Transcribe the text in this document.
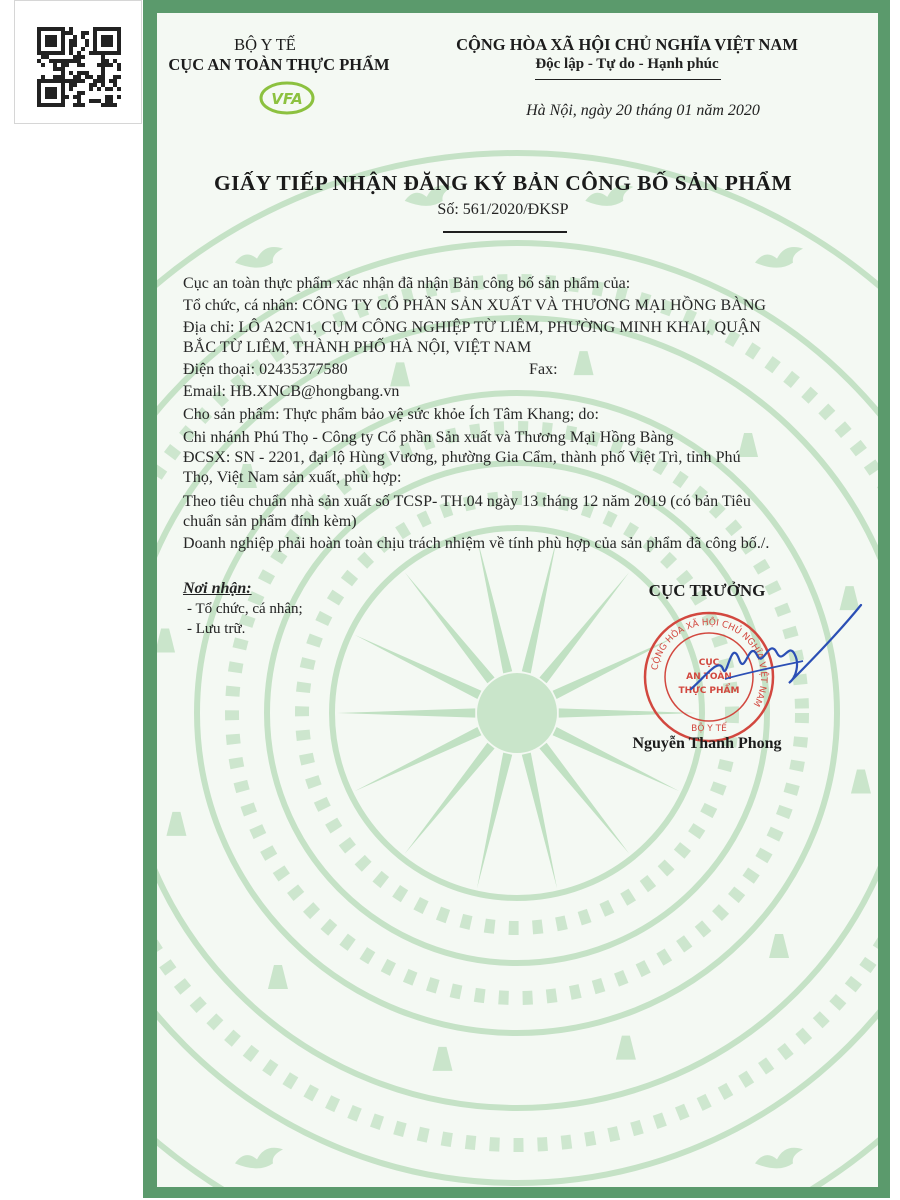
BỘ Y TẾ
CỤC AN TOÀN THỰC PHẨM
VFA
CỘNG HÒA XÃ HỘI CHỦ NGHĨA VIỆT NAM
Độc lập - Tự do - Hạnh phúc
Hà Nội, ngày 20 tháng 01 năm 2020
GIẤY TIẾP NHẬN ĐĂNG KÝ BẢN CÔNG BỐ SẢN PHẨM
Số: 561/2020/ĐKSP
Cục an toàn thực phẩm xác nhận đã nhận Bản công bố sản phẩm của:
Tổ chức, cá nhân: CÔNG TY CỔ PHẦN SẢN XUẤT VÀ THƯƠNG MẠI HỒNG BÀNG
Địa chỉ: LÔ A2CN1, CỤM CÔNG NGHIỆP TỪ LIÊM, PHƯỜNG MINH KHAI, QUẬN
BẮC TỪ LIÊM, THÀNH PHỐ HÀ NỘI, VIỆT NAM
Điện thoại: 02435377580	Fax:
Email: HB.XNCB@hongbang.vn
Cho sản phẩm: Thực phẩm bảo vệ sức khỏe Ích Tâm Khang; do:
Chi nhánh Phú Thọ - Công ty Cổ phần Sản xuất và Thương Mại Hồng Bàng
ĐCSX: SN - 2201, đại lộ Hùng Vương, phường Gia Cẩm, thành phố Việt Trì, tỉnh Phú
Thọ, Việt Nam sản xuất, phù hợp:
Theo tiêu chuẩn nhà sản xuất số TCSP- TH.04 ngày 13 tháng 12 năm 2019 (có bản Tiêu
chuẩn sản phẩm đính kèm)
Doanh nghiệp phải hoàn toàn chịu trách nhiệm về tính phù hợp của sản phẩm đã công bố./.
Nơi nhận:
- Tổ chức, cá nhân;
- Lưu trữ.
CỤC TRƯỞNG
CỘNG HÒA XÃ HỘI CHỦ NGHĨA VIỆT NAM
BỘ Y TẾ
CỤC
AN TOÀN
THỰC PHẨM
Nguyễn Thanh Phong
